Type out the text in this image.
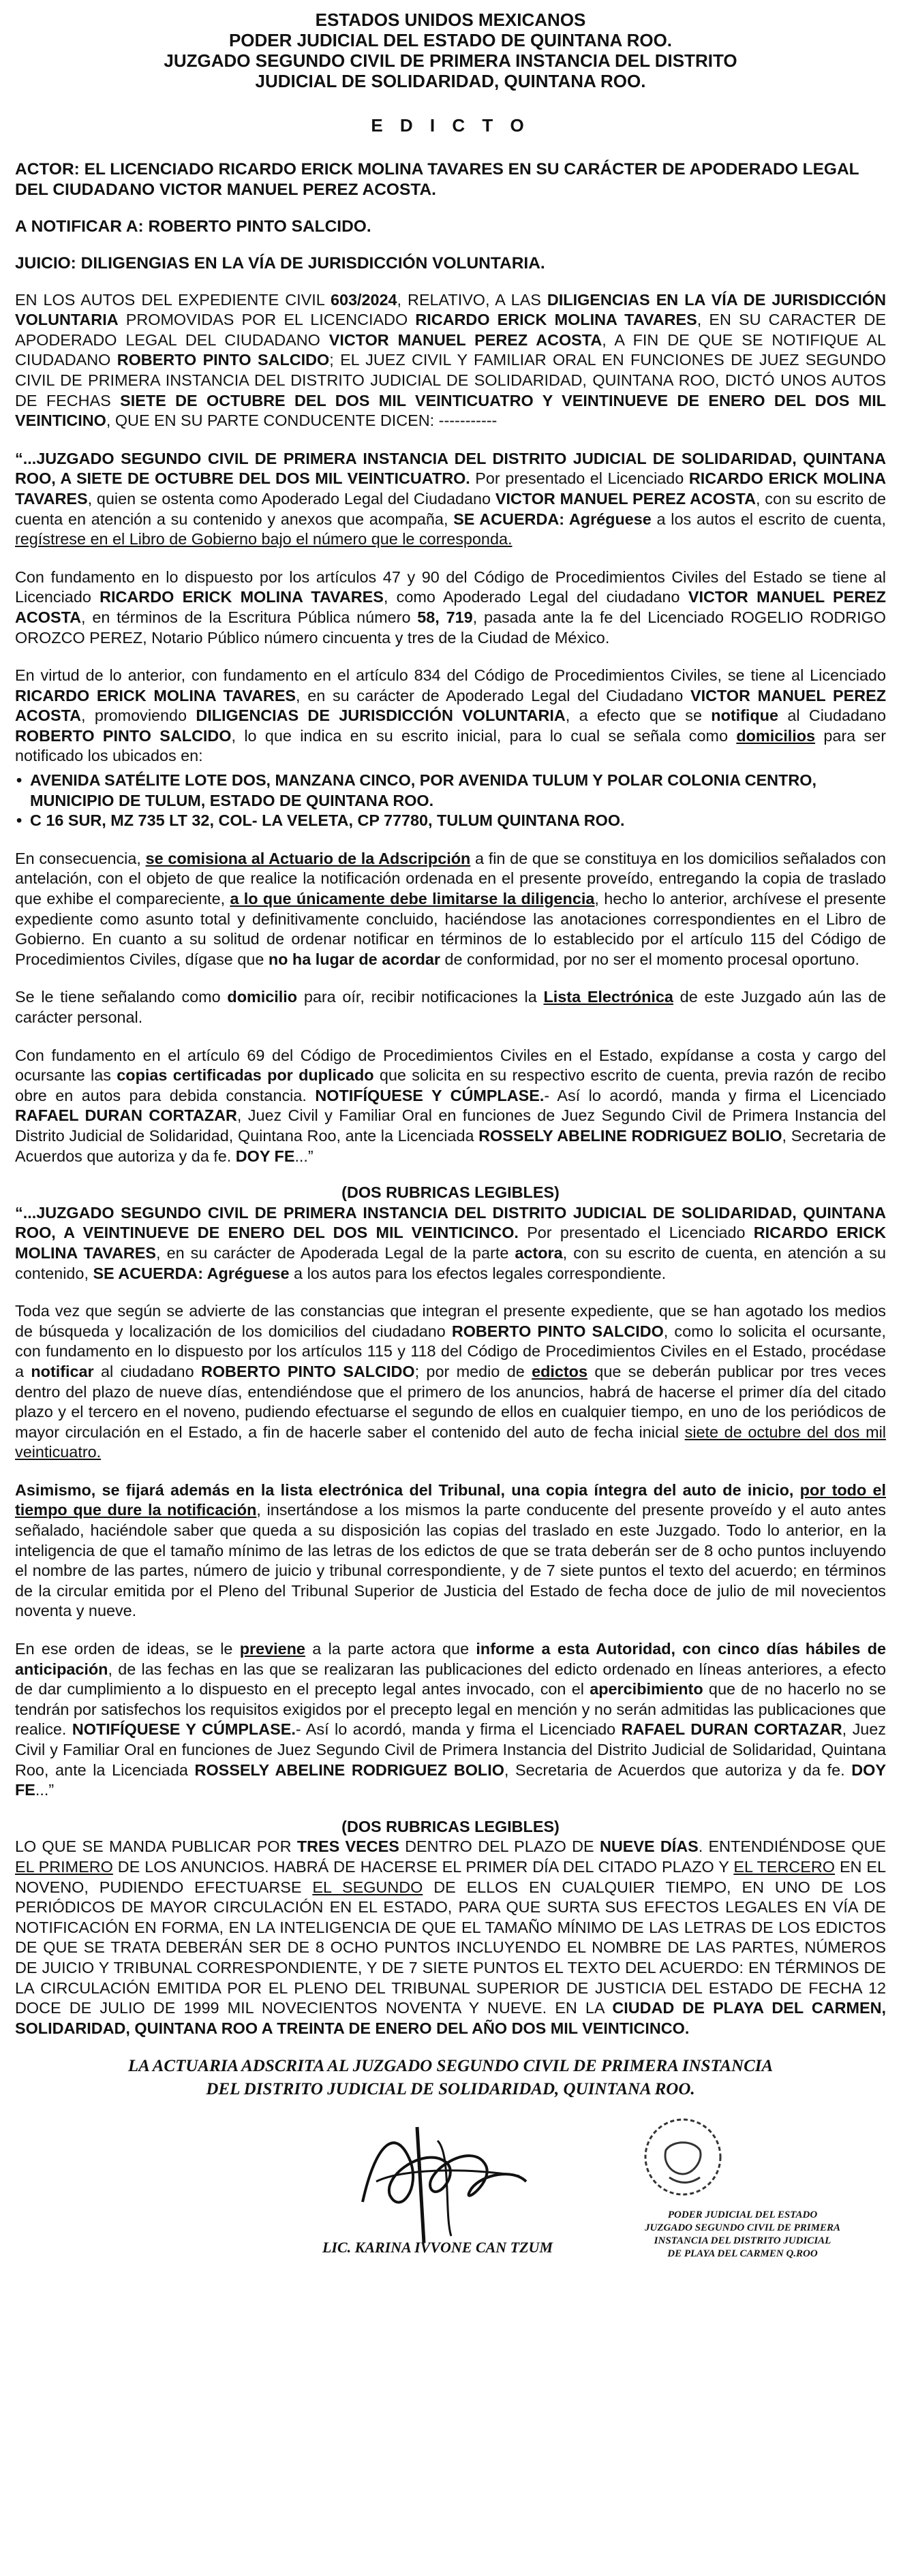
ESTADOS UNIDOS MEXICANOS
PODER JUDICIAL DEL ESTADO DE QUINTANA ROO.
JUZGADO SEGUNDO CIVIL DE PRIMERA INSTANCIA DEL DISTRITO
JUDICIAL DE SOLIDARIDAD, QUINTANA ROO.
E D I C T O

ACTOR: EL LICENCIADO RICARDO ERICK MOLINA TAVARES EN SU CARÁCTER DE APODERADO LEGAL DEL CIUDADANO VICTOR MANUEL PEREZ ACOSTA.

A NOTIFICAR A: ROBERTO PINTO SALCIDO.

JUICIO: DILIGENGIAS EN LA VÍA DE JURISDICCIÓN VOLUNTARIA.

EN LOS AUTOS DEL EXPEDIENTE CIVIL 603/2024, RELATIVO, A LAS DILIGENCIAS EN LA VÍA DE JURISDICCIÓN VOLUNTARIA PROMOVIDAS POR EL LICENCIADO RICARDO ERICK MOLINA TAVARES, EN SU CARACTER DE APODERADO LEGAL DEL CIUDADANO VICTOR MANUEL PEREZ ACOSTA, A FIN DE QUE SE NOTIFIQUE AL CIUDADANO ROBERTO PINTO SALCIDO; EL JUEZ CIVIL Y FAMILIAR ORAL EN FUNCIONES DE JUEZ SEGUNDO CIVIL DE PRIMERA INSTANCIA DEL DISTRITO JUDICIAL DE SOLIDARIDAD, QUINTANA ROO, DICTÓ UNOS AUTOS DE FECHAS SIETE DE OCTUBRE DEL DOS MIL VEINTICUATRO Y VEINTINUEVE DE ENERO DEL DOS MIL VEINTICINO, QUE EN SU PARTE CONDUCENTE DICEN: -----------

“...JUZGADO SEGUNDO CIVIL DE PRIMERA INSTANCIA DEL DISTRITO JUDICIAL DE SOLIDARIDAD, QUINTANA ROO, A SIETE DE OCTUBRE DEL DOS MIL VEINTICUATRO. Por presentado el Licenciado RICARDO ERICK MOLINA TAVARES, quien se ostenta como Apoderado Legal del Ciudadano VICTOR MANUEL PEREZ ACOSTA, con su escrito de cuenta en atención a su contenido y anexos que acompaña, SE ACUERDA: Agréguese a los autos el escrito de cuenta, regístrese en el Libro de Gobierno bajo el número que le corresponda.

Con fundamento en lo dispuesto por los artículos 47 y 90 del Código de Procedimientos Civiles del Estado se tiene al Licenciado RICARDO ERICK MOLINA TAVARES, como Apoderado Legal del ciudadano VICTOR MANUEL PEREZ ACOSTA, en términos de la Escritura Pública número 58, 719, pasada ante la fe del Licenciado ROGELIO RODRIGO OROZCO PEREZ, Notario Público número cincuenta y tres de la Ciudad de México.

En virtud de lo anterior, con fundamento en el artículo 834 del Código de Procedimientos Civiles, se tiene al Licenciado RICARDO ERICK MOLINA TAVARES, en su carácter de Apoderado Legal del Ciudadano VICTOR MANUEL PEREZ ACOSTA, promoviendo DILIGENCIAS DE JURISDICCIÓN VOLUNTARIA, a efecto que se notifique al Ciudadano ROBERTO PINTO SALCIDO, lo que indica en su escrito inicial, para lo cual se señala como domicilios para ser notificado los ubicados en:

• AVENIDA SATÉLITE LOTE DOS, MANZANA CINCO, POR AVENIDA TULUM Y POLAR COLONIA CENTRO, MUNICIPIO DE TULUM, ESTADO DE QUINTANA ROO.
• C 16 SUR, MZ 735 LT 32, COL- LA VELETA, CP 77780, TULUM QUINTANA ROO.

En consecuencia, se comisiona al Actuario de la Adscripción a fin de que se constituya en los domicilios señalados con antelación, con el objeto de que realice la notificación ordenada en el presente proveído, entregando la copia de traslado que exhibe el compareciente, a lo que únicamente debe limitarse la diligencia, hecho lo anterior, archívese el presente expediente como asunto total y definitivamente concluido, haciéndose las anotaciones correspondientes en el Libro de Gobierno. En cuanto a su solitud de ordenar notificar en términos de lo establecido por el artículo 115 del Código de Procedimientos Civiles, dígase que no ha lugar de acordar de conformidad, por no ser el momento procesal oportuno.

Se le tiene señalando como domicilio para oír, recibir notificaciones la Lista Electrónica de este Juzgado aún las de carácter personal.

Con fundamento en el artículo 69 del Código de Procedimientos Civiles en el Estado, expídanse a costa y cargo del ocursante las copias certificadas por duplicado que solicita en su respectivo escrito de cuenta, previa razón de recibo obre en autos para debida constancia. NOTIFÍQUESE Y CÚMPLASE.- Así lo acordó, manda y firma el Licenciado RAFAEL DURAN CORTAZAR, Juez Civil y Familiar Oral en funciones de Juez Segundo Civil de Primera Instancia del Distrito Judicial de Solidaridad, Quintana Roo, ante la Licenciada ROSSELY ABELINE RODRIGUEZ BOLIO, Secretaria de Acuerdos que autoriza y da fe. DOY FE...”

(DOS RUBRICAS LEGIBLES)

“...JUZGADO SEGUNDO CIVIL DE PRIMERA INSTANCIA DEL DISTRITO JUDICIAL DE SOLIDARIDAD, QUINTANA ROO, A VEINTINUEVE DE ENERO DEL DOS MIL VEINTICINCO. Por presentado el Licenciado RICARDO ERICK MOLINA TAVARES, en su carácter de Apoderada Legal de la parte actora, con su escrito de cuenta, en atención a su contenido, SE ACUERDA: Agréguese a los autos para los efectos legales correspondiente.

Toda vez que según se advierte de las constancias que integran el presente expediente, que se han agotado los medios de búsqueda y localización de los domicilios del ciudadano ROBERTO PINTO SALCIDO, como lo solicita el ocursante, con fundamento en lo dispuesto por los artículos 115 y 118 del Código de Procedimientos Civiles en el Estado, procédase a notificar al ciudadano ROBERTO PINTO SALCIDO; por medio de edictos que se deberán publicar por tres veces dentro del plazo de nueve días, entendiéndose que el primero de los anuncios, habrá de hacerse el primer día del citado plazo y el tercero en el noveno, pudiendo efectuarse el segundo de ellos en cualquier tiempo, en uno de los periódicos de mayor circulación en el Estado, a fin de hacerle saber el contenido del auto de fecha inicial siete de octubre del dos mil veinticuatro.

Asimismo, se fijará además en la lista electrónica del Tribunal, una copia íntegra del auto de inicio, por todo el tiempo que dure la notificación, insertándose a los mismos la parte conducente del presente proveído y el auto antes señalado, haciéndole saber que queda a su disposición las copias del traslado en este Juzgado. Todo lo anterior, en la inteligencia de que el tamaño mínimo de las letras de los edictos de que se trata deberán ser de 8 ocho puntos incluyendo el nombre de las partes, número de juicio y tribunal correspondiente, y de 7 siete puntos el texto del acuerdo; en términos de la circular emitida por el Pleno del Tribunal Superior de Justicia del Estado de fecha doce de julio de mil novecientos noventa y nueve.

En ese orden de ideas, se le previene a la parte actora que informe a esta Autoridad, con cinco días hábiles de anticipación, de las fechas en las que se realizaran las publicaciones del edicto ordenado en líneas anteriores, a efecto de dar cumplimiento a lo dispuesto en el precepto legal antes invocado, con el apercibimiento que de no hacerlo no se tendrán por satisfechos los requisitos exigidos por el precepto legal en mención y no serán admitidas las publicaciones que realice. NOTIFÍQUESE Y CÚMPLASE.- Así lo acordó, manda y firma el Licenciado RAFAEL DURAN CORTAZAR, Juez Civil y Familiar Oral en funciones de Juez Segundo Civil de Primera Instancia del Distrito Judicial de Solidaridad, Quintana Roo, ante la Licenciada ROSSELY ABELINE RODRIGUEZ BOLIO, Secretaria de Acuerdos que autoriza y da fe. DOY FE...”

(DOS RUBRICAS LEGIBLES)

LO QUE SE MANDA PUBLICAR POR TRES VECES DENTRO DEL PLAZO DE NUEVE DÍAS. ENTENDIÉNDOSE QUE EL PRIMERO DE LOS ANUNCIOS. HABRÁ DE HACERSE EL PRIMER DÍA DEL CITADO PLAZO Y EL TERCERO EN EL NOVENO, PUDIENDO EFECTUARSE EL SEGUNDO DE ELLOS EN CUALQUIER TIEMPO, EN UNO DE LOS PERIÓDICOS DE MAYOR CIRCULACIÓN EN EL ESTADO, PARA QUE SURTA SUS EFECTOS LEGALES EN VÍA DE NOTIFICACIÓN EN FORMA, EN LA INTELIGENCIA DE QUE EL TAMAÑO MÍNIMO DE LAS LETRAS DE LOS EDICTOS DE QUE SE TRATA DEBERÁN SER DE 8 OCHO PUNTOS INCLUYENDO EL NOMBRE DE LAS PARTES, NÚMEROS DE JUICIO Y TRIBUNAL CORRESPONDIENTE, Y DE 7 SIETE PUNTOS EL TEXTO DEL ACUERDO: EN TÉRMINOS DE LA CIRCULACIÓN EMITIDA POR EL PLENO DEL TRIBUNAL SUPERIOR DE JUSTICIA DEL ESTADO DE FECHA 12 DOCE DE JULIO DE 1999 MIL NOVECIENTOS NOVENTA Y NUEVE. EN LA CIUDAD DE PLAYA DEL CARMEN, SOLIDARIDAD, QUINTANA ROO A TREINTA DE ENERO DEL AÑO DOS MIL VEINTICINCO.

LA ACTUARIA ADSCRITA AL JUZGADO SEGUNDO CIVIL DE PRIMERA INSTANCIA
DEL DISTRITO JUDICIAL DE SOLIDARIDAD, QUINTANA ROO.
LIC. KARINA IVVONE CAN TZUM
PODER JUDICIAL DEL ESTADO
JUZGADO SEGUNDO CIVIL DE PRIMERA
INSTANCIA DEL DISTRITO JUDICIAL
DE PLAYA DEL CARMEN Q.ROO
